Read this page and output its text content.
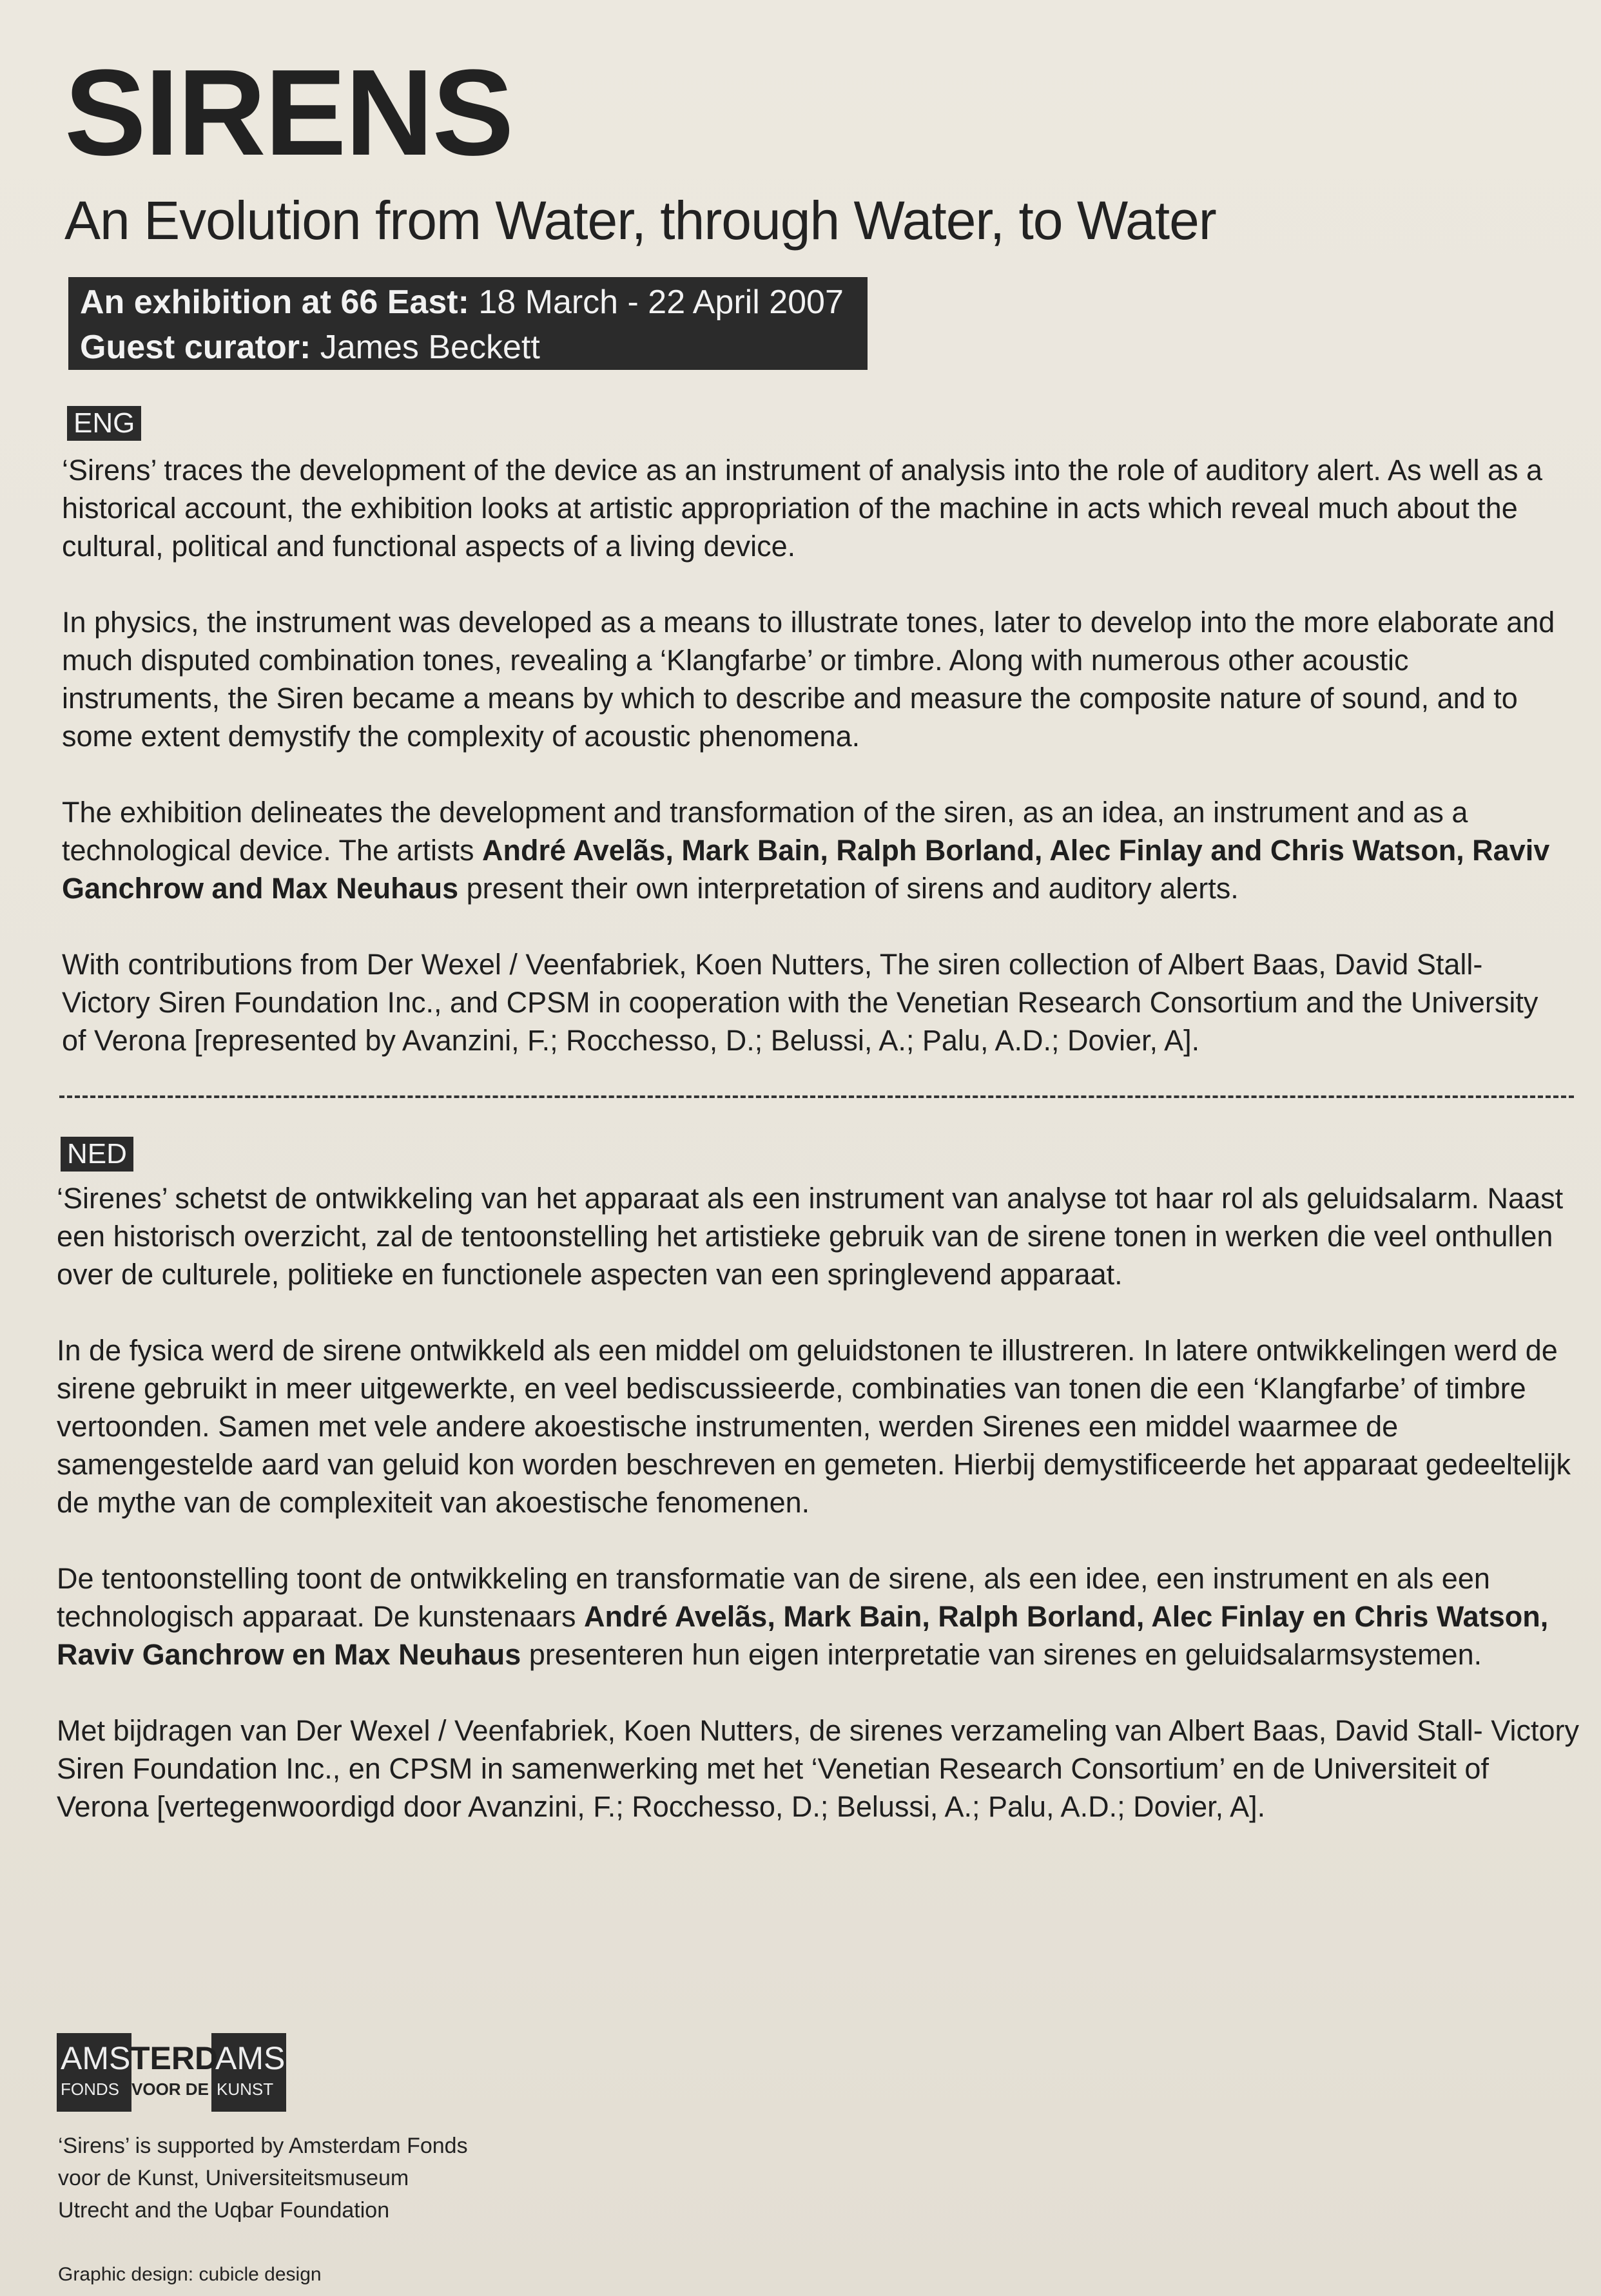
SIRENS
An Evolution from Water, through Water, to Water
An exhibition at 66 East: 18 March - 22 April 2007
Guest curator: James Beckett
ENG

‘Sirens’ traces the development of the device as an instrument of analysis into the role of auditory alert. As well as a historical account, the exhibition looks at artistic appropriation of the machine in acts which reveal much about the cultural, political and functional aspects of a living device.

In physics, the instrument was developed as a means to illustrate tones, later to develop into the more elaborate and much disputed combination tones, revealing a ‘Klangfarbe’ or timbre. Along with numerous other acoustic instruments, the Siren became a means by which to describe and measure the composite nature of sound, and to some extent demystify the complexity of acoustic phenomena.

The exhibition delineates the development and transformation of the siren, as an idea, an instrument and as a technological device. The artists André Avelãs, Mark Bain, Ralph Borland, Alec Finlay and Chris Watson, Raviv Ganchrow and Max Neuhaus present their own interpretation of sirens and auditory alerts.

With contributions from Der Wexel / Veenfabriek, Koen Nutters, The siren collection of Albert Baas, David Stall- Victory Siren Foundation Inc., and CPSM in cooperation with the Venetian Research Consortium and the University of Verona [represented by Avanzini, F.; Rocchesso, D.; Belussi, A.; Palu, A.D.; Dovier, A].

NED

‘Sirenes’ schetst de ontwikkeling van het apparaat als een instrument van analyse tot haar rol als geluidsalarm. Naast een historisch overzicht, zal de tentoonstelling het artistieke gebruik van de sirene tonen in werken die veel onthullen over de culturele, politieke en functionele aspecten van een springlevend apparaat.

In de fysica werd de sirene ontwikkeld als een middel om geluidstonen te illustreren. In latere ontwikkelingen werd de sirene gebruikt in meer uitgewerkte, en veel bediscussieerde, combinaties van tonen die een ‘Klangfarbe’ of timbre vertoonden. Samen met vele andere akoestische instrumenten, werden Sirenes een middel waarmee de samengestelde aard van geluid kon worden beschreven en gemeten. Hierbij demystificeerde het apparaat gedeeltelijk de mythe van de complexiteit van akoestische fenomenen.

De tentoonstelling toont de ontwikkeling en transformatie van de sirene, als een idee, een instrument en als een technologisch apparaat. De kunstenaars André Avelãs, Mark Bain, Ralph Borland, Alec Finlay en Chris Watson, Raviv Ganchrow en Max Neuhaus presenteren hun eigen interpretatie van sirenes en geluidsalarmsystemen.

Met bijdragen van Der Wexel / Veenfabriek, Koen Nutters, de sirenes verzameling van Albert Baas, David Stall- Victory Siren Foundation Inc., en CPSM in samenwerking met het ‘Venetian Research Consortium’ en de Universiteit of Verona [vertegenwoordigd door Avanzini, F.; Rocchesso, D.; Belussi, A.; Palu, A.D.; Dovier, A].

AMS TERD
AMS
FONDS VOOR DE KUNST
‘Sirens’ is supported by Amsterdam Fonds
voor de Kunst, Universiteitsmuseum
Utrecht and the Uqbar Foundation
Graphic design: cubicle design
